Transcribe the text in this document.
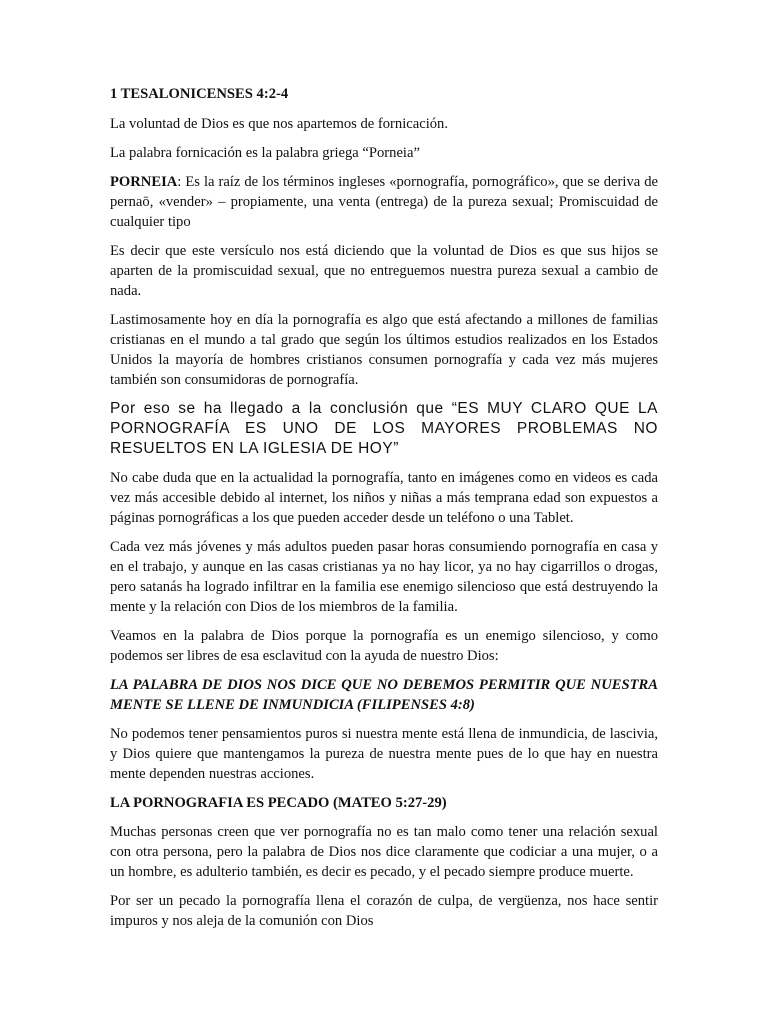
1 TESALONICENSES 4:2-4

La voluntad de Dios es que nos apartemos de fornicación.

La palabra fornicación es la palabra griega “Porneia”

PORNEIA: Es la raíz de los términos ingleses «pornografía, pornográfico», que se deriva de pernaō, «vender» – propiamente, una venta (entrega) de la pureza sexual; Promiscuidad de cualquier tipo

Es decir que este versículo nos está diciendo que la voluntad de Dios es que sus hijos se aparten de la promiscuidad sexual, que no entreguemos nuestra pureza sexual a cambio de nada.

Lastimosamente hoy en día la pornografía es algo que está afectando a millones de familias cristianas en el mundo a tal grado que según los últimos estudios realizados en los Estados Unidos la mayoría de hombres cristianos consumen pornografía y cada vez más mujeres también son consumidoras de pornografía.

Por eso se ha llegado a la conclusión que “ES MUY CLARO QUE LA PORNOGRAFÍA ES UNO DE LOS MAYORES PROBLEMAS NO RESUELTOS EN LA IGLESIA DE HOY”

No cabe duda que en la actualidad la pornografía, tanto en imágenes como en videos es cada vez más accesible debido al internet, los niños y niñas a más temprana edad son expuestos a páginas pornográficas a los que pueden acceder desde un teléfono o una Tablet.

Cada vez más jóvenes y más adultos pueden pasar horas consumiendo pornografía en casa y en el trabajo, y aunque en las casas cristianas ya no hay licor, ya no hay cigarrillos o drogas, pero satanás ha logrado infiltrar en la familia ese enemigo silencioso que está destruyendo la mente y la relación con Dios de los miembros de la familia.

Veamos en la palabra de Dios porque la pornografía es un enemigo silencioso, y como podemos ser libres de esa esclavitud con la ayuda de nuestro Dios:

LA PALABRA DE DIOS NOS DICE QUE NO DEBEMOS PERMITIR QUE NUESTRA MENTE SE LLENE DE INMUNDICIA (FILIPENSES 4:8)

No podemos tener pensamientos puros si nuestra mente está llena de inmundicia, de lascivia, y Dios quiere que mantengamos la pureza de nuestra mente pues de lo que hay en nuestra mente dependen nuestras acciones.

LA PORNOGRAFIA ES PECADO (MATEO 5:27-29)

Muchas personas creen que ver pornografía no es tan malo como tener una relación sexual con otra persona, pero la palabra de Dios nos dice claramente que codiciar a una mujer, o a un hombre, es adulterio también, es decir es pecado, y el pecado siempre produce muerte.

Por ser un pecado la pornografía llena el corazón de culpa, de vergüenza, nos hace sentir impuros y nos aleja de la comunión con Dios
